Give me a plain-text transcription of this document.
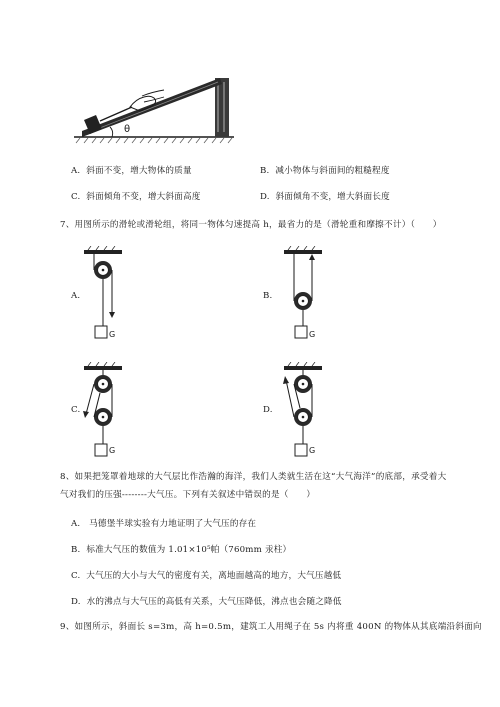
θ
A. 斜面不变，增大物体的质量	B. 减小物体与斜面间的粗糙程度
C. 斜面倾角不变，增大斜面高度	D. 斜面倾角不变，增大斜面长度
7、用图所示的滑轮或滑轮组，将同一物体匀速提高 h，最省力的是（滑轮重和摩擦不计）（　　）
A.
G
B.
G
C.
G
D.
G
8、如果把笼罩着地球的大气层比作浩瀚的海洋，我们人类就生活在这“大气海洋”的底部，承受着大
气对我们的压强--------大气压。下列有关叙述中错误的是（　　）
A. 马德堡半球实验有力地证明了大气压的存在
B. 标准大气压的数值为 1.01×10⁵帕（760mm 汞柱）
C. 大气压的大小与大气的密度有关，离地面越高的地方，大气压越低
D. 水的沸点与大气压的高低有关系，大气压降低，沸点也会随之降低
9、如图所示，斜面长 s=3m，高 h=0.5m，建筑工人用绳子在 5s 内将重 400N 的物体从其底端沿斜面向
